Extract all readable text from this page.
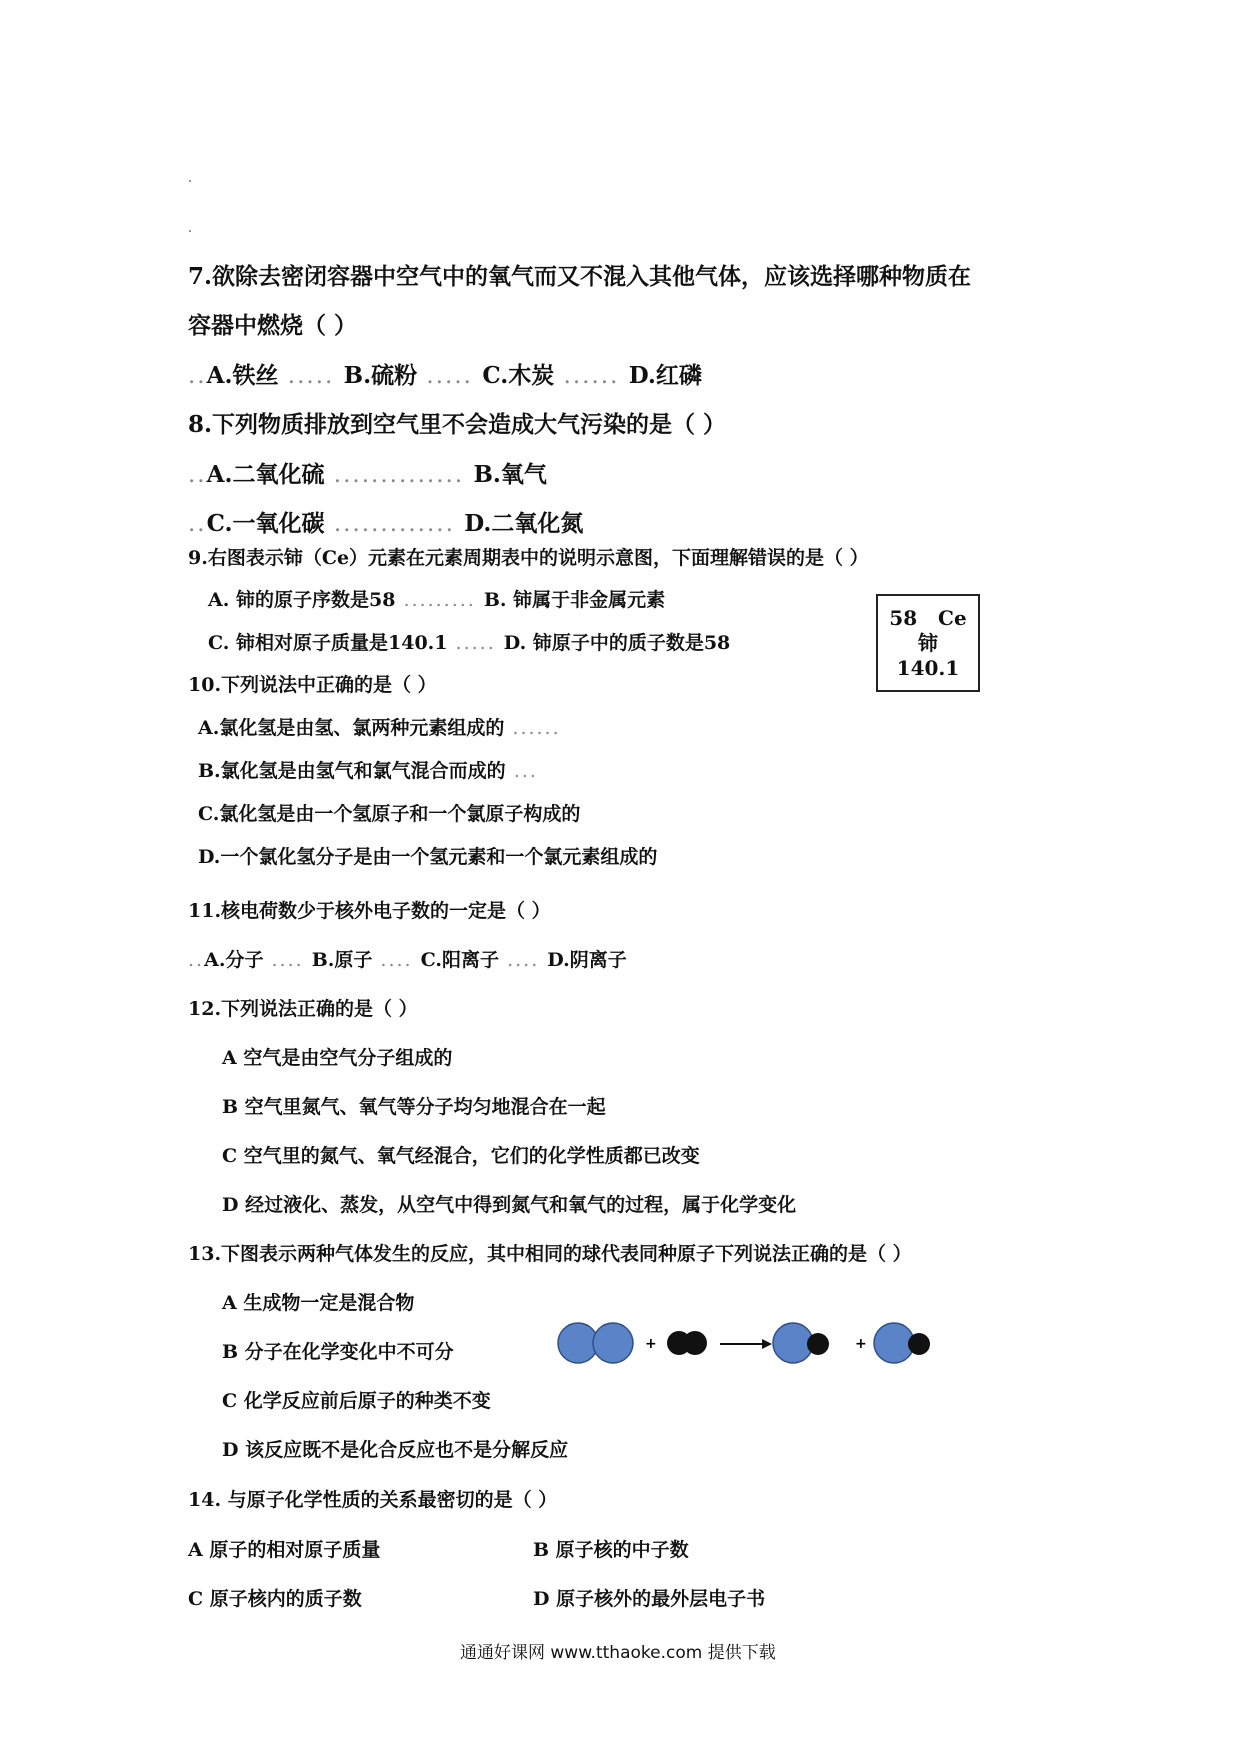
7.欲除去密闭容器中空气中的氧气而又不混入其他气体，应该选择哪种物质在
容器中燃烧（ ）
..A.铁丝 ..... B.硫粉 ..... C.木炭 ...... D.红磷
8.下列物质排放到空气里不会造成大气污染的是（ ）
..A.二氧化硫 .............. B.氧气
..C.一氧化碳 ............. D.二氧化氮
9.右图表示铈（Ce）元素在元素周期表中的说明示意图，下面理解错误的是（ ）
A. 铈的原子序数是58 ......... B. 铈属于非金属元素
C. 铈相对原子质量是140.1 ..... D. 铈原子中的质子数是58
58 Ce
铈
140.1
10.下列说法中正确的是（ ）
A.氯化氢是由氢、氯两种元素组成的 ......
B.氯化氢是由氢气和氯气混合而成的 ...
C.氯化氢是由一个氢原子和一个氯原子构成的
D.一个氯化氢分子是由一个氢元素和一个氯元素组成的
11.核电荷数少于核外电子数的一定是（ ）
..A.分子 .... B.原子 .... C.阳离子 .... D.阴离子
12.下列说法正确的是（ ）
A 空气是由空气分子组成的
B 空气里氮气、氧气等分子均匀地混合在一起
C 空气里的氮气、氧气经混合，它们的化学性质都已改变
D 经过液化、蒸发，从空气中得到氮气和氧气的过程，属于化学变化
13.下图表示两种气体发生的反应，其中相同的球代表同种原子下列说法正确的是（ ）
A 生成物一定是混合物
B 分子在化学变化中不可分
C 化学反应前后原子的种类不变
D 该反应既不是化合反应也不是分解反应
+	+
14. 与原子化学性质的关系最密切的是（ ）
A 原子的相对原子质量	B 原子核的中子数
C 原子核内的质子数	D 原子核外的最外层电子书
通通好课网 www.tthaoke.com 提供下载
